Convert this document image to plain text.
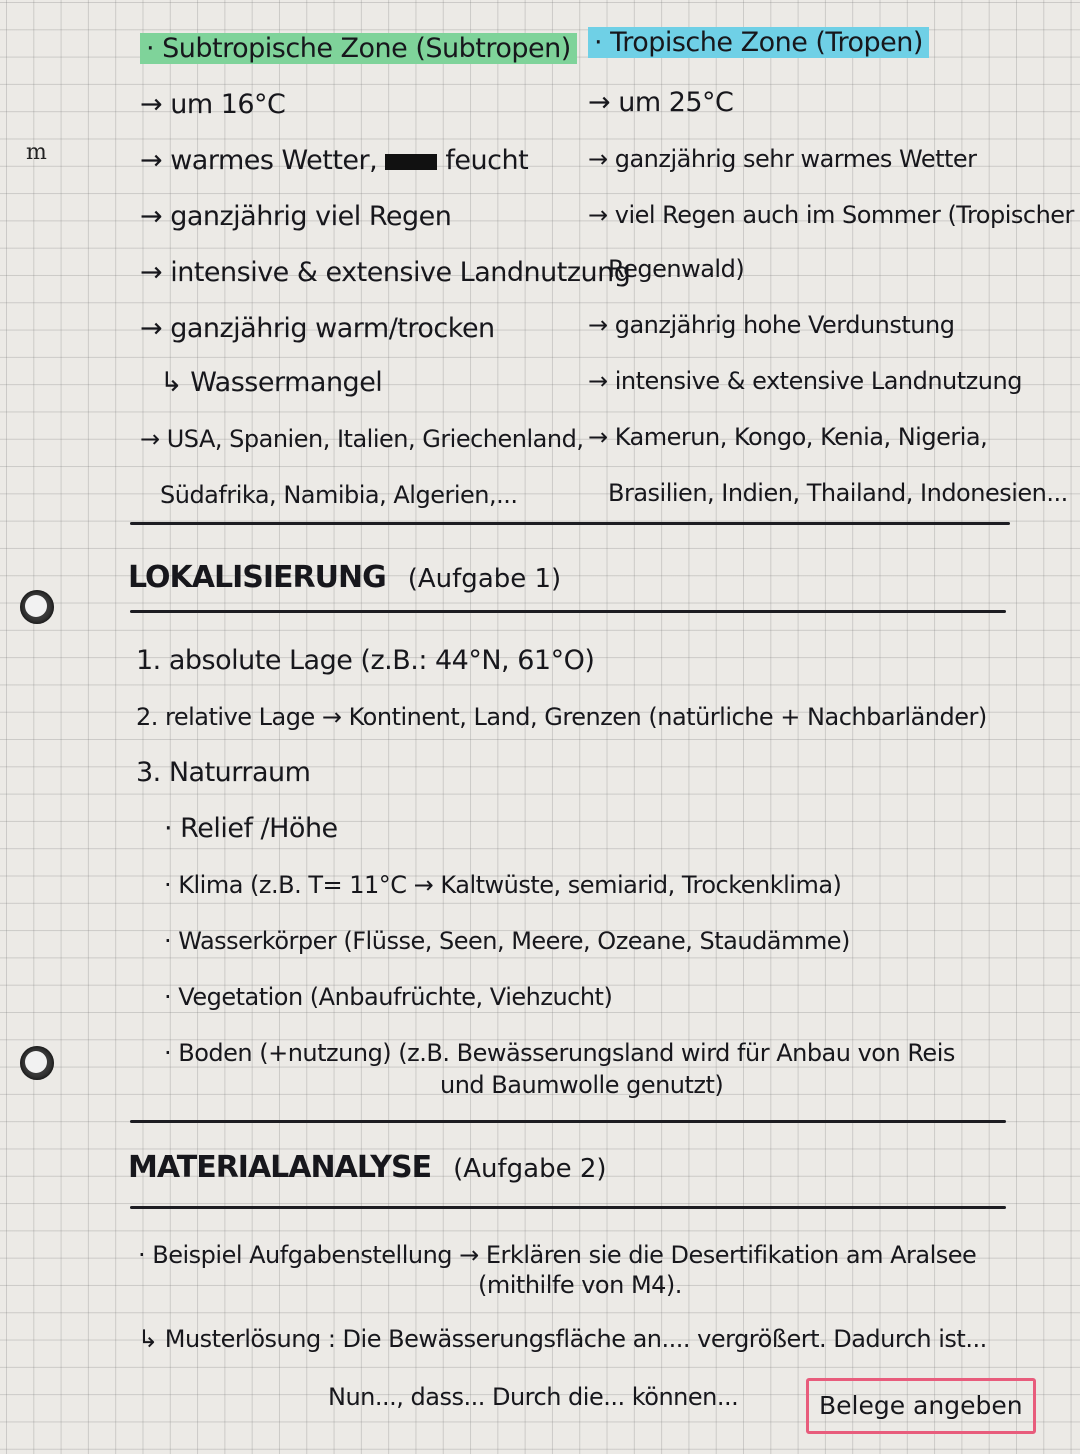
m
· Subtropische Zone (Subtropen)
→ um 16°C
→ warmes Wetter,	feucht
→ ganzjährig viel Regen
→ intensive & extensive Landnutzung
→ ganzjährig warm/trocken
↳ Wassermangel
→ USA, Spanien, Italien, Griechenland,
Südafrika, Namibia, Algerien,...
· Tropische Zone (Tropen)
→ um 25°C
→ ganzjährig sehr warmes Wetter
→ viel Regen auch im Sommer (Tropischer
Regenwald)
→ ganzjährig hohe Verdunstung
→ intensive & extensive Landnutzung
→ Kamerun, Kongo, Kenia, Nigeria,
Brasilien, Indien, Thailand, Indonesien...
LOKALISIERUNG (Aufgabe 1)
1. absolute Lage (z.B.: 44°N, 61°O)
2. relative Lage → Kontinent, Land, Grenzen (natürliche + Nachbarländer)
3. Naturraum
· Relief /Höhe
· Klima (z.B. T= 11°C → Kaltwüste, semiarid, Trockenklima)
· Wasserkörper (Flüsse, Seen, Meere, Ozeane, Staudämme)
· Vegetation (Anbaufrüchte, Viehzucht)
· Boden (+nutzung) (z.B. Bewässerungsland wird für Anbau von Reis
und Baumwolle genutzt)
MATERIALANALYSE (Aufgabe 2)
· Beispiel Aufgabenstellung → Erklären sie die Desertifikation am Aralsee
(mithilfe von M4).
↳ Musterlösung : Die Bewässerungsfläche an.... vergrößert. Dadurch ist...
Nun..., dass... Durch die... können...	Belege angeben
